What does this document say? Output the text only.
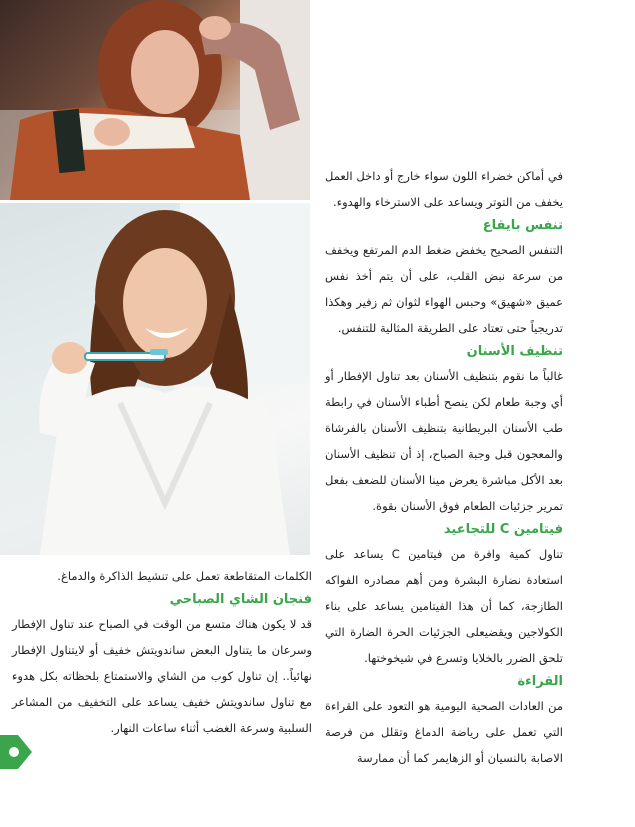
في أماكن خضراء اللون سواء خارج أو داخل العمل يخفف من التوتر ويساعد على الاسترخاء والهدوء.

تنفس بايقاع

التنفس الصحيح يخفض ضغط الدم المرتفع ويخفف من سرعة نبض القلب، على أن يتم أخذ نفس عميق «شهيق» وحبس الهواء لثوان ثم زفير وهكذا تدريجياً حتى تعتاد على الطريقة المثالية للتنفس.

تنظيف الأسنان

غالباً ما نقوم بتنظيف الأسنان بعد تناول الإفطار أو أي وجبة طعام لكن ينصح أطباء الأسنان في رابطة طب الأسنان البريطانية بتنظيف الأسنان بالفرشاة والمعجون قبل وجبة الصباح، إذ أن تنظيف الأسنان بعد الأكل مباشرة يعرض مينا الأسنان للضعف بفعل تمرير جزئيات الطعام فوق الأسنان بقوة.

فيتامين C للتجاعيد

تناول كمية وافرة من فيتامين C يساعد على استعادة نضارة البشرة ومن أهم مصادره الفواكه الطازجة، كما أن هذا الفيتامين يساعد على بناء الكولاجين ويقضيعلى الجزئيات الحرة الضارة التي تلحق الضرر بالخلايا وتسرع في شيخوختها.

القراءة

من العادات الصحية اليومية هو التعود على القراءة التي تعمل على رياضة الدماغ وتقلل من فرصة الاصابة بالنسيان أو الزهايمر كما أن ممارسة

الكلمات المتقاطعة تعمل على تنشيط الذاكرة والدماغ.

فنجان الشاي الصباحي

قد لا يكون هناك متسع من الوقت في الصباح عند تناول الإفطار وسرعان ما يتناول البعض ساندويتش خفيف أو لايتناول الإفطار نهائياً.. إن تناول كوب من الشاي والاستمتاع بلحظاته بكل هدوء مع تناول ساندويتش خفيف يساعد على التخفيف من المشاعر السلبية وسرعة الغضب أثناء ساعات النهار.
